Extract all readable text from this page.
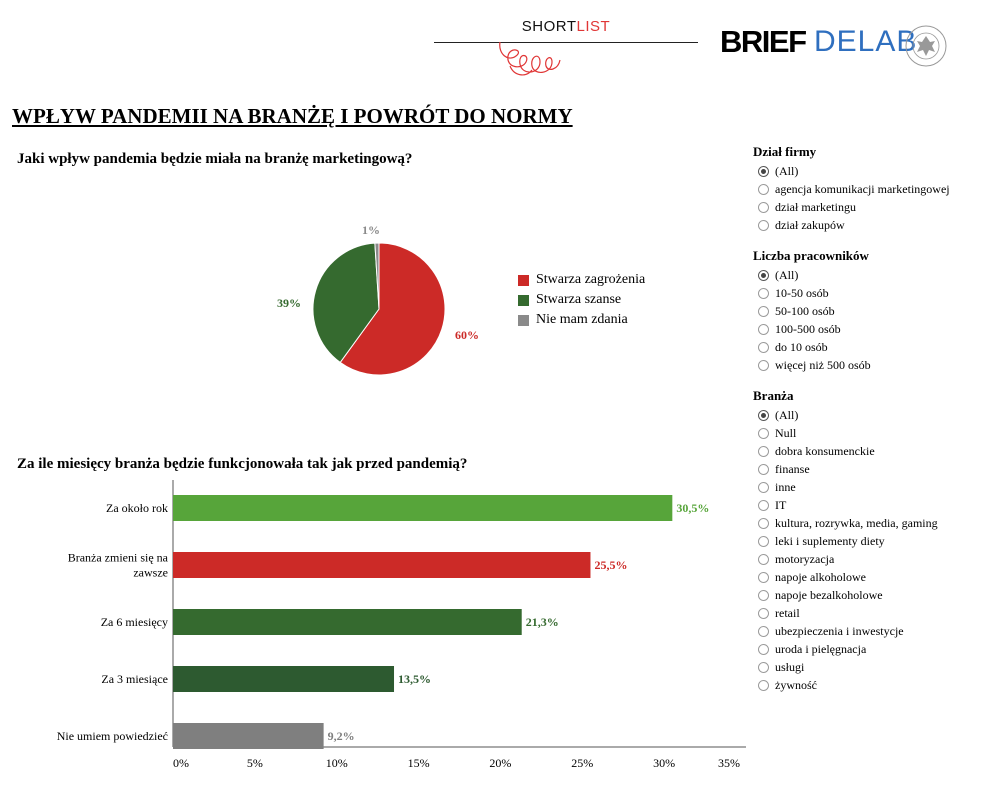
SHORTLIST	BRIEF DELAB
WPŁYW PANDEMII NA BRANŻĘ I POWRÓT DO NORMY
Jaki wpływ pandemia będzie miała na branżę marketingową?
Za ile miesięcy branża będzie funkcjonowała tak jak przed pandemią?
60%
39%
1%
Stwarza zagrożenia
Stwarza szanse
Nie mam zdania
30,5%
Za około rok
25,5%
Branża zmieni się na zawsze
21,3%
Za 6 miesięcy
13,5%
Za 3 miesiące
9,2%
Nie umiem powiedzieć
0%	5%	10%	15%	20%	25%	30%	35%
Dział firmy
(All)
agencja komunikacji marketingowej
dział marketingu
dział zakupów
Liczba pracowników
(All)
10-50 osób
50-100 osób
100-500 osób
do 10 osób
więcej niż 500 osób
Branża
(All)
Null
dobra konsumenckie
finanse
inne
IT
kultura, rozrywka, media, gaming
leki i suplementy diety
motoryzacja
napoje alkoholowe
napoje bezalkoholowe
retail
ubezpieczenia i inwestycje
uroda i pielęgnacja
usługi
żywność
